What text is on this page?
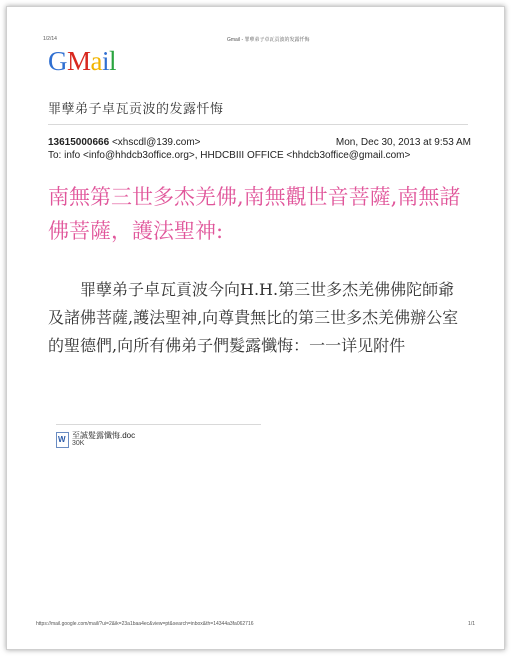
1/2/14	Gmail - 罪孽弟子卓瓦贡波的发露忏悔
GMail
罪孽弟子卓瓦贡波的发露忏悔
13615000666 <xhscdl@139.com>	Mon, Dec 30, 2013 at 9:53 AM
To: info <info@hhdcb3office.org>, HHDCBIII OFFICE <hhdcb3office@gmail.com>
南無第三世多杰羌佛,南無觀世音菩薩,南無諸佛菩薩，護法聖神:
罪孽弟子卓瓦貢波今向H.H.第三世多杰羌佛佛陀師爺及諸佛菩薩,護法聖神,向尊貴無比的第三世多杰羌佛辦公室的聖德們,向所有佛弟子們髮露懺悔：一一详见附件
W
至誠髮露懺悔.doc
30K
https://mail.google.com/mail/?ui=2&ik=23a1baa4ec&view=pt&search=inbox&th=14344a3fa062716	1/1
